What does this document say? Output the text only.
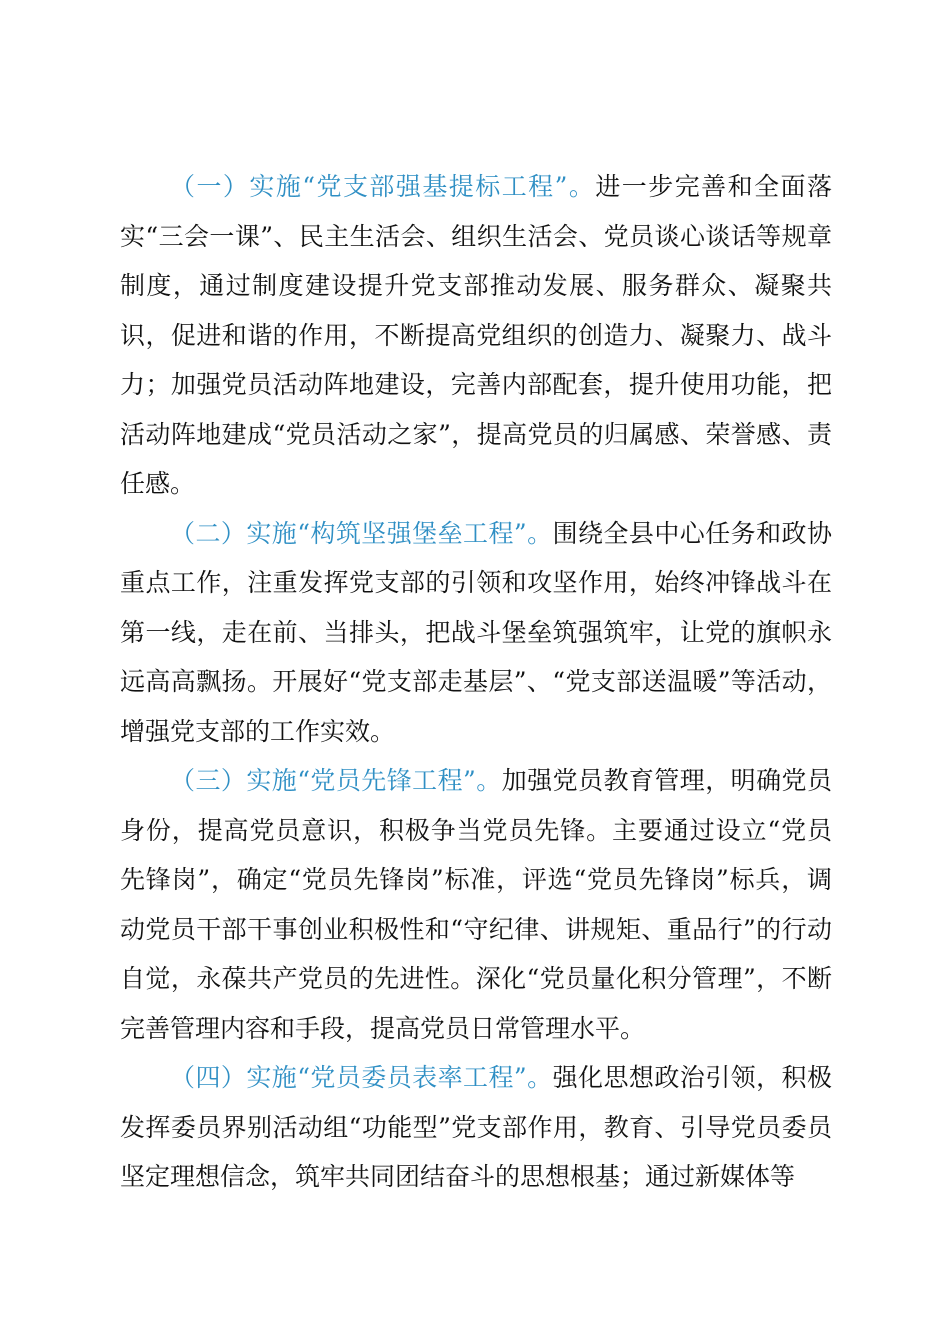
（一）实施“党支部强基提标工程”。进一步完善和全面落实“三会一课”、民主生活会、组织生活会、党员谈心谈话等规章制度，通过制度建设提升党支部推动发展、服务群众、凝聚共识，促进和谐的作用，不断提高党组织的创造力、凝聚力、战斗力；加强党员活动阵地建设，完善内部配套，提升使用功能，把活动阵地建成“党员活动之家”，提高党员的归属感、荣誉感、责任感。

（二）实施“构筑坚强堡垒工程”。围绕全县中心任务和政协重点工作，注重发挥党支部的引领和攻坚作用，始终冲锋战斗在第一线，走在前、当排头，把战斗堡垒筑强筑牢，让党的旗帜永远高高飘扬。开展好“党支部走基层”、“党支部送温暖”等活动，增强党支部的工作实效。

（三）实施“党员先锋工程”。加强党员教育管理，明确党员身份，提高党员意识，积极争当党员先锋。主要通过设立“党员先锋岗”，确定“党员先锋岗”标准，评选“党员先锋岗”标兵，调动党员干部干事创业积极性和“守纪律、讲规矩、重品行”的行动自觉，永葆共产党员的先进性。深化“党员量化积分管理”，不断完善管理内容和手段，提高党员日常管理水平。

（四）实施“党员委员表率工程”。强化思想政治引领，积极发挥委员界别活动组“功能型”党支部作用，教育、引导党员委员坚定理想信念，筑牢共同团结奋斗的思想根基；通过新媒体等
